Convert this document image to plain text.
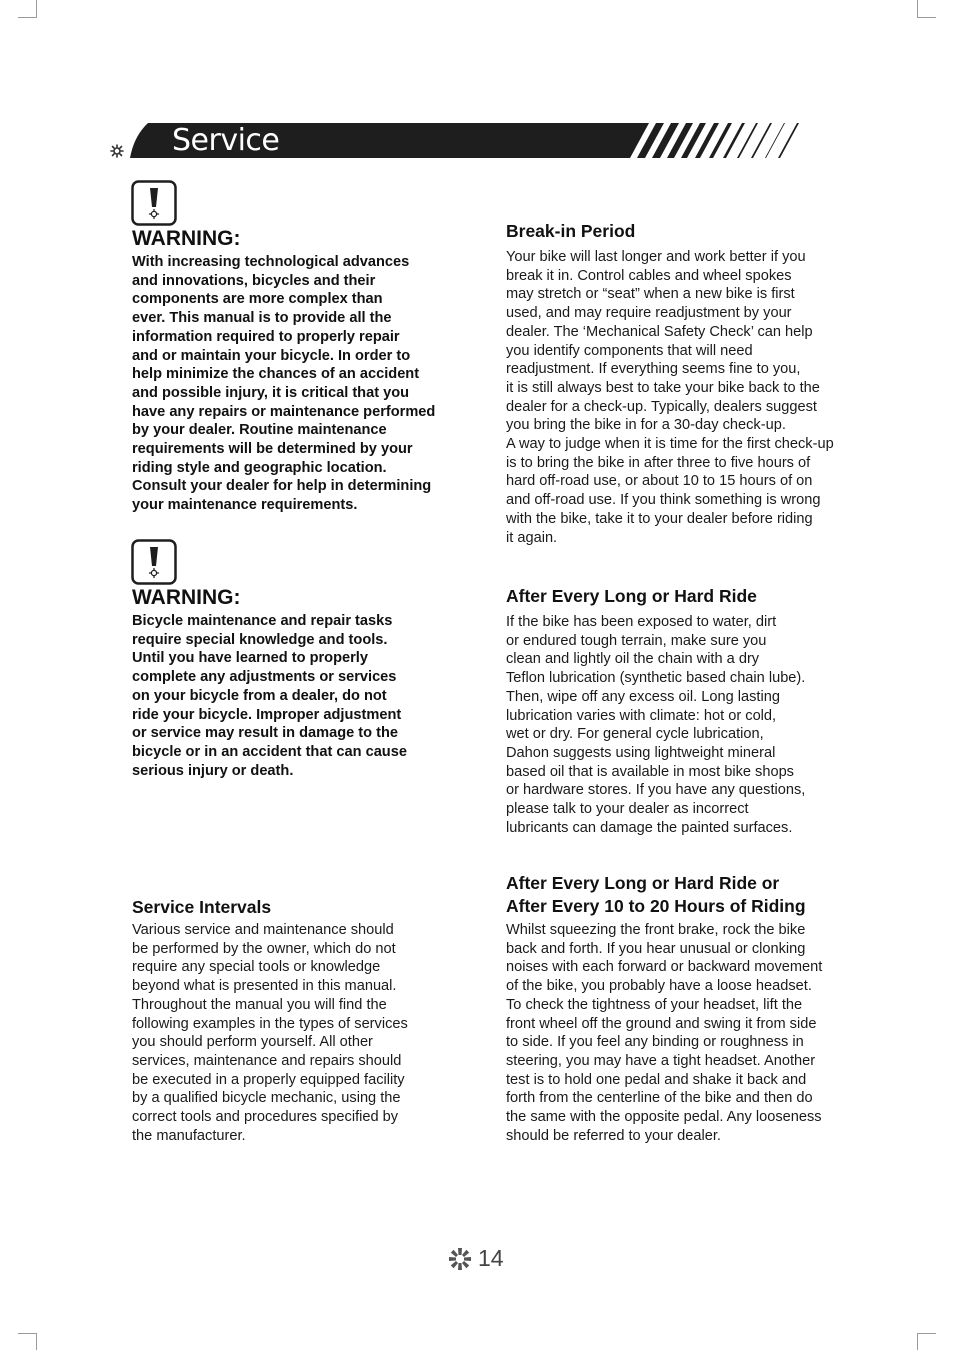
Service
WARNING:
With increasing technological advances
and innovations, bicycles and their
components are more complex than
ever. This manual is to provide all the
information required to properly repair
and or maintain your bicycle. In order to
help minimize the chances of an accident
and possible injury, it is critical that you
have any repairs or maintenance performed
by your dealer. Routine maintenance
requirements will be determined by your
riding style and geographic location.
Consult your dealer for help in determining
your maintenance requirements.
WARNING:
Bicycle maintenance and repair tasks
require special knowledge and tools.
Until you have learned to properly
complete any adjustments or services
on your bicycle from a dealer, do not
ride your bicycle. Improper adjustment
or service may result in damage to the
bicycle or in an accident that can cause
serious injury or death.
Service Intervals
Various service and maintenance should
be performed by the owner, which do not
require any special tools or knowledge
beyond what is presented in this manual.
Throughout the manual you will find the
following examples in the types of services
you should perform yourself. All other
services, maintenance and repairs should
be executed in a properly equipped facility
by a qualified bicycle mechanic, using the
correct tools and procedures specified by
the manufacturer.
Break-in Period
Your bike will last longer and work better if you
break it in. Control cables and wheel spokes
may stretch or “seat” when a new bike is first
used, and may require readjustment by your
dealer. The ‘Mechanical Safety Check’ can help
you identify components that will need
readjustment. If everything seems fine to you,
it is still always best to take your bike back to the
dealer for a check-up. Typically, dealers suggest
you bring the bike in for a 30-day check-up.
A way to judge when it is time for the first check-up
is to bring the bike in after three to five hours of
hard off-road use, or about 10 to 15 hours of on
and off-road use. If you think something is wrong
with the bike, take it to your dealer before riding
it again.
After Every Long or Hard Ride
If the bike has been exposed to water, dirt
or endured tough terrain, make sure you
clean and lightly oil the chain with a dry
Teflon lubrication (synthetic based chain lube).
Then, wipe off any excess oil. Long lasting
lubrication varies with climate: hot or cold,
wet or dry. For general cycle lubrication,
Dahon suggests using lightweight mineral
based oil that is available in most bike shops
or hardware stores. If you have any questions,
please talk to your dealer as incorrect
lubricants can damage the painted surfaces.
After Every Long or Hard Ride or
After Every 10 to 20 Hours of Riding
Whilst squeezing the front brake, rock the bike
back and forth. If you hear unusual or clonking
noises with each forward or backward movement
of the bike, you probably have a loose headset.
To check the tightness of your headset, lift the
front wheel off the ground and swing it from side
to side. If you feel any binding or roughness in
steering, you may have a tight headset. Another
test is to hold one pedal and shake it back and
forth from the centerline of the bike and then do
the same with the opposite pedal. Any looseness
should be referred to your dealer.
14
